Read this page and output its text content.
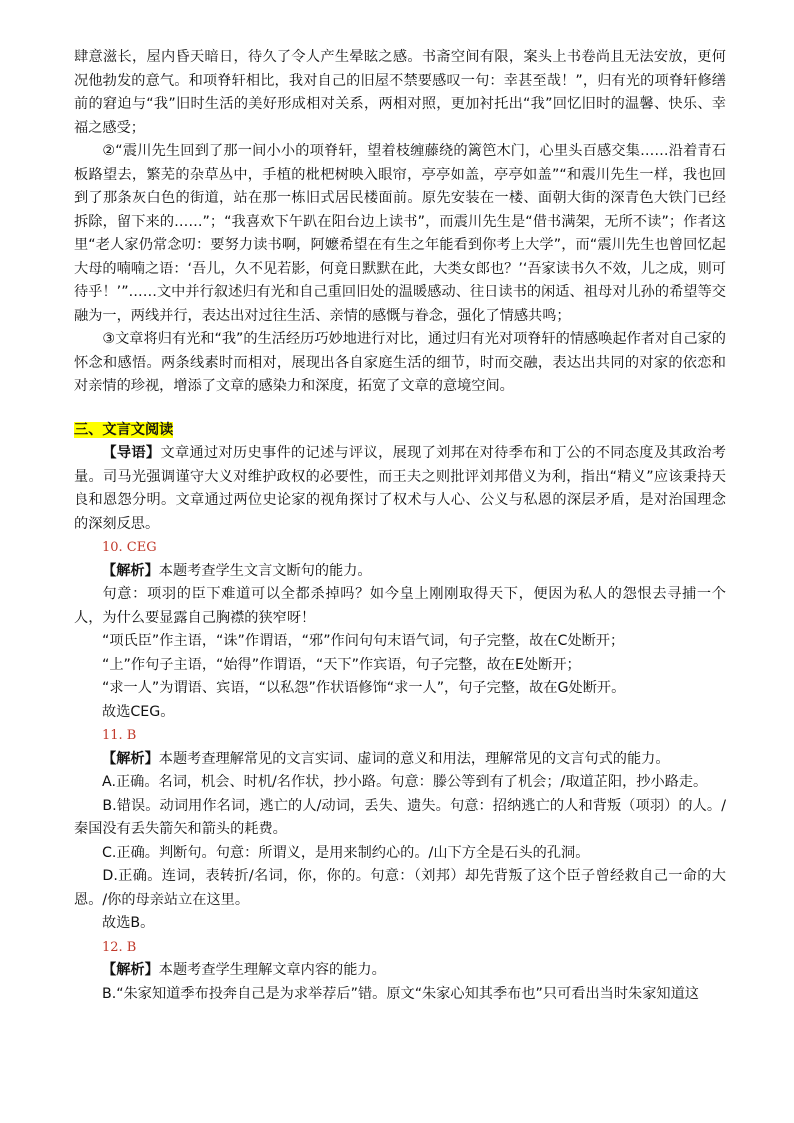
肆意滋长，屋内昏天暗日，待久了令人产生晕眩之感。书斋空间有限，案头上书卷尚且无法安放，更何况他勃发的意气。和项脊轩相比，我对自己的旧屋不禁要感叹一句：幸甚至哉！”，归有光的项脊轩修缮前的窘迫与“我”旧时生活的美好形成相对关系，两相对照，更加衬托出“我”回忆旧时的温馨、快乐、幸福之感受；

②“震川先生回到了那一间小小的项脊轩，望着枝缠藤绕的篱笆木门，心里头百感交集……沿着青石板路望去，繁芜的杂草丛中，手植的枇杷树映入眼帘，亭亭如盖，亭亭如盖”“和震川先生一样，我也回到了那条灰白色的街道，站在那一栋旧式居民楼面前。原先安装在一楼、面朝大街的深青色大铁门已经拆除，留下来的……”；“我喜欢下午趴在阳台边上读书”，而震川先生是“借书满架，无所不读”；作者这里“老人家仍常念叨：要努力读书啊，阿嬷希望在有生之年能看到你考上大学”，而“震川先生也曾回忆起大母的喃喃之语：‘吾儿，久不见若影，何竟日默默在此，大类女郎也？’‘吾家读书久不效，儿之成，则可待乎！’”……文中并行叙述归有光和自己重回旧处的温暖感动、往日读书的闲适、祖母对儿孙的希望等交融为一，两线并行，表达出对过往生活、亲情的感慨与眷念，强化了情感共鸣；

③文章将归有光和“我”的生活经历巧妙地进行对比，通过归有光对项脊轩的情感唤起作者对自己家的怀念和感悟。两条线素时而相对，展现出各自家庭生活的细节，时而交融，表达出共同的对家的依恋和对亲情的珍视，增添了文章的感染力和深度，拓宽了文章的意境空间。

三、文言文阅读

【导语】文章通过对历史事件的记述与评议，展现了刘邦在对待季布和丁公的不同态度及其政治考量。司马光强调谨守大义对维护政权的必要性，而王夫之则批评刘邦借义为利，指出“精义”应该秉持天良和恩怨分明。文章通过两位史论家的视角探讨了权术与人心、公义与私恩的深层矛盾，是对治国理念的深刻反思。

10. CEG

【解析】本题考查学生文言文断句的能力。

句意：项羽的臣下难道可以全都杀掉吗？如今皇上刚刚取得天下，便因为私人的怨恨去寻捕一个人，为什么要显露自己胸襟的狭窄呀！

“项氏臣”作主语，“诛”作谓语，“邪”作问句句末语气词，句子完整，故在C处断开；

“上”作句子主语，“始得”作谓语，“天下”作宾语，句子完整，故在E处断开；

“求一人”为谓语、宾语，“以私怨”作状语修饰“求一人”，句子完整，故在G处断开。

故选CEG。

11. B

【解析】本题考查理解常见的文言实词、虚词的意义和用法，理解常见的文言句式的能力。

A.正确。名词，机会、时机/名作状，抄小路。句意：滕公等到有了机会；/取道芷阳，抄小路走。

B.错误。动词用作名词，逃亡的人/动词，丢失、遗失。句意：招纳逃亡的人和背叛（项羽）的人。/秦国没有丢失箭矢和箭头的耗费。

C.正确。判断句。句意：所谓义，是用来制约心的。/山下方全是石头的孔洞。

D.正确。连词，表转折/名词，你，你的。句意：（刘邦）却先背叛了这个臣子曾经救自己一命的大恩。/你的母亲站立在这里。

故选B。

12. B

【解析】本题考查学生理解文章内容的能力。

B.“朱家知道季布投奔自己是为求举荐后”错。原文“朱家心知其季布也”只可看出当时朱家知道这
